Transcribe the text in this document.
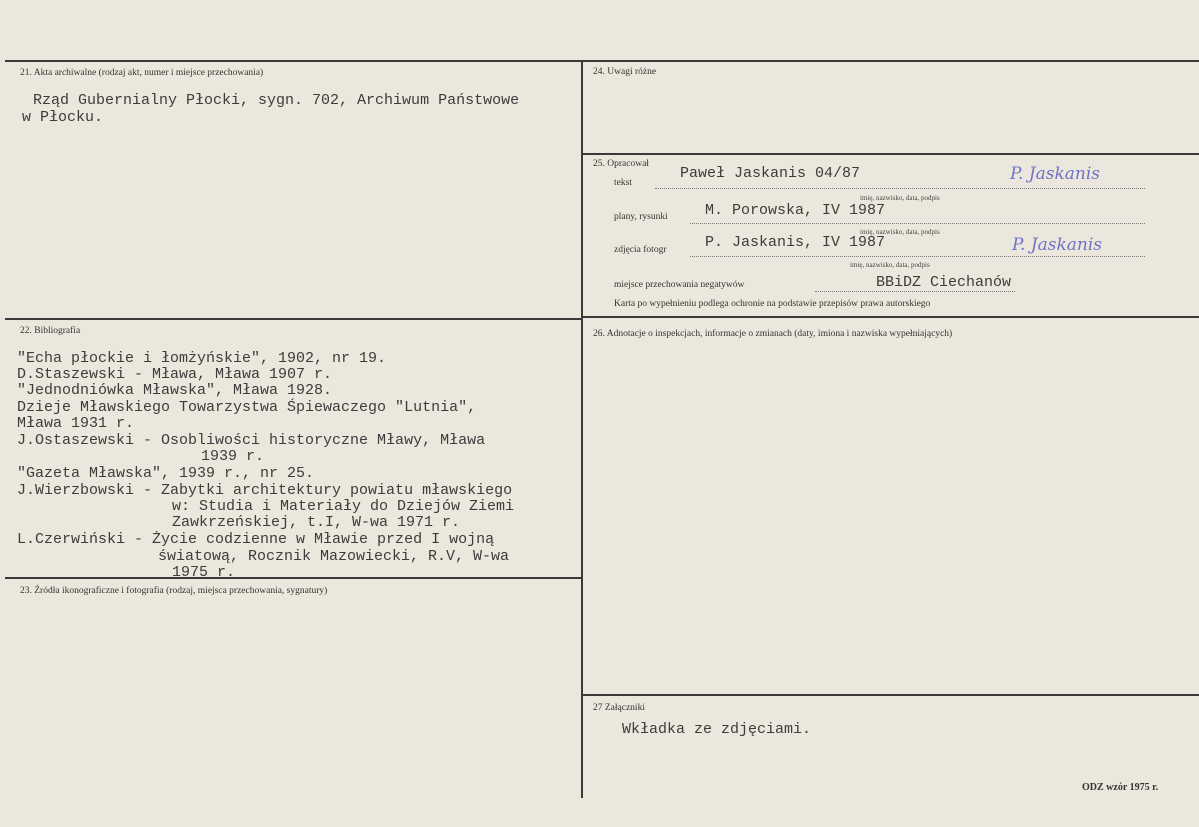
21. Akta archiwalne (rodzaj akt, numer i miejsce przechowania)
Rząd Gubernialny Płocki, sygn. 702, Archiwum Państwowe
w Płocku.
22. Bibliografia
"Echa płockie i łomżyńskie", 1902, nr 19.
D.Staszewski - Mława, Mława 1907 r.
"Jednodniówka Mławska", Mława 1928.
Dzieje Mławskiego Towarzystwa Śpiewaczego "Lutnia",
Mława 1931 r.
J.Ostaszewski - Osobliwości historyczne Mławy, Mława
1939 r.
"Gazeta Mławska", 1939 r., nr 25.
J.Wierzbowski - Zabytki architektury powiatu mławskiego
w: Studia i Materiały do Dziejów Ziemi
Zawkrzeńskiej, t.I, W-wa 1971 r.
L.Czerwiński - Życie codzienne w Mławie przed I wojną
światową, Rocznik Mazowiecki, R.V, W-wa
1975 r.
23. Źródła ikonograficzne i fotografia (rodzaj, miejsca przechowania, sygnatury)
24. Uwagi różne
25. Opracował
tekst
Paweł Jaskanis 04/87	P. Jaskanis
imię, nazwisko, data, podpis
plany, rysunki M. Porowska, IV 1987
imię, nazwisko, data, podpis
zdjęcia fotogr	P. Jaskanis, IV 1987	P. Jaskanis
imię, nazwisko, data, podpis
miejsce przechowania negatywów	BBiDZ Ciechanów
Karta po wypełnieniu podlega ochronie na podstawie przepisów prawa autorskiego
26. Adnotacje o inspekcjach, informacje o zmianach (daty, imiona i nazwiska wypełniających)
27 Załączniki
Wkładka ze zdjęciami.
ODZ wzór 1975 r.
